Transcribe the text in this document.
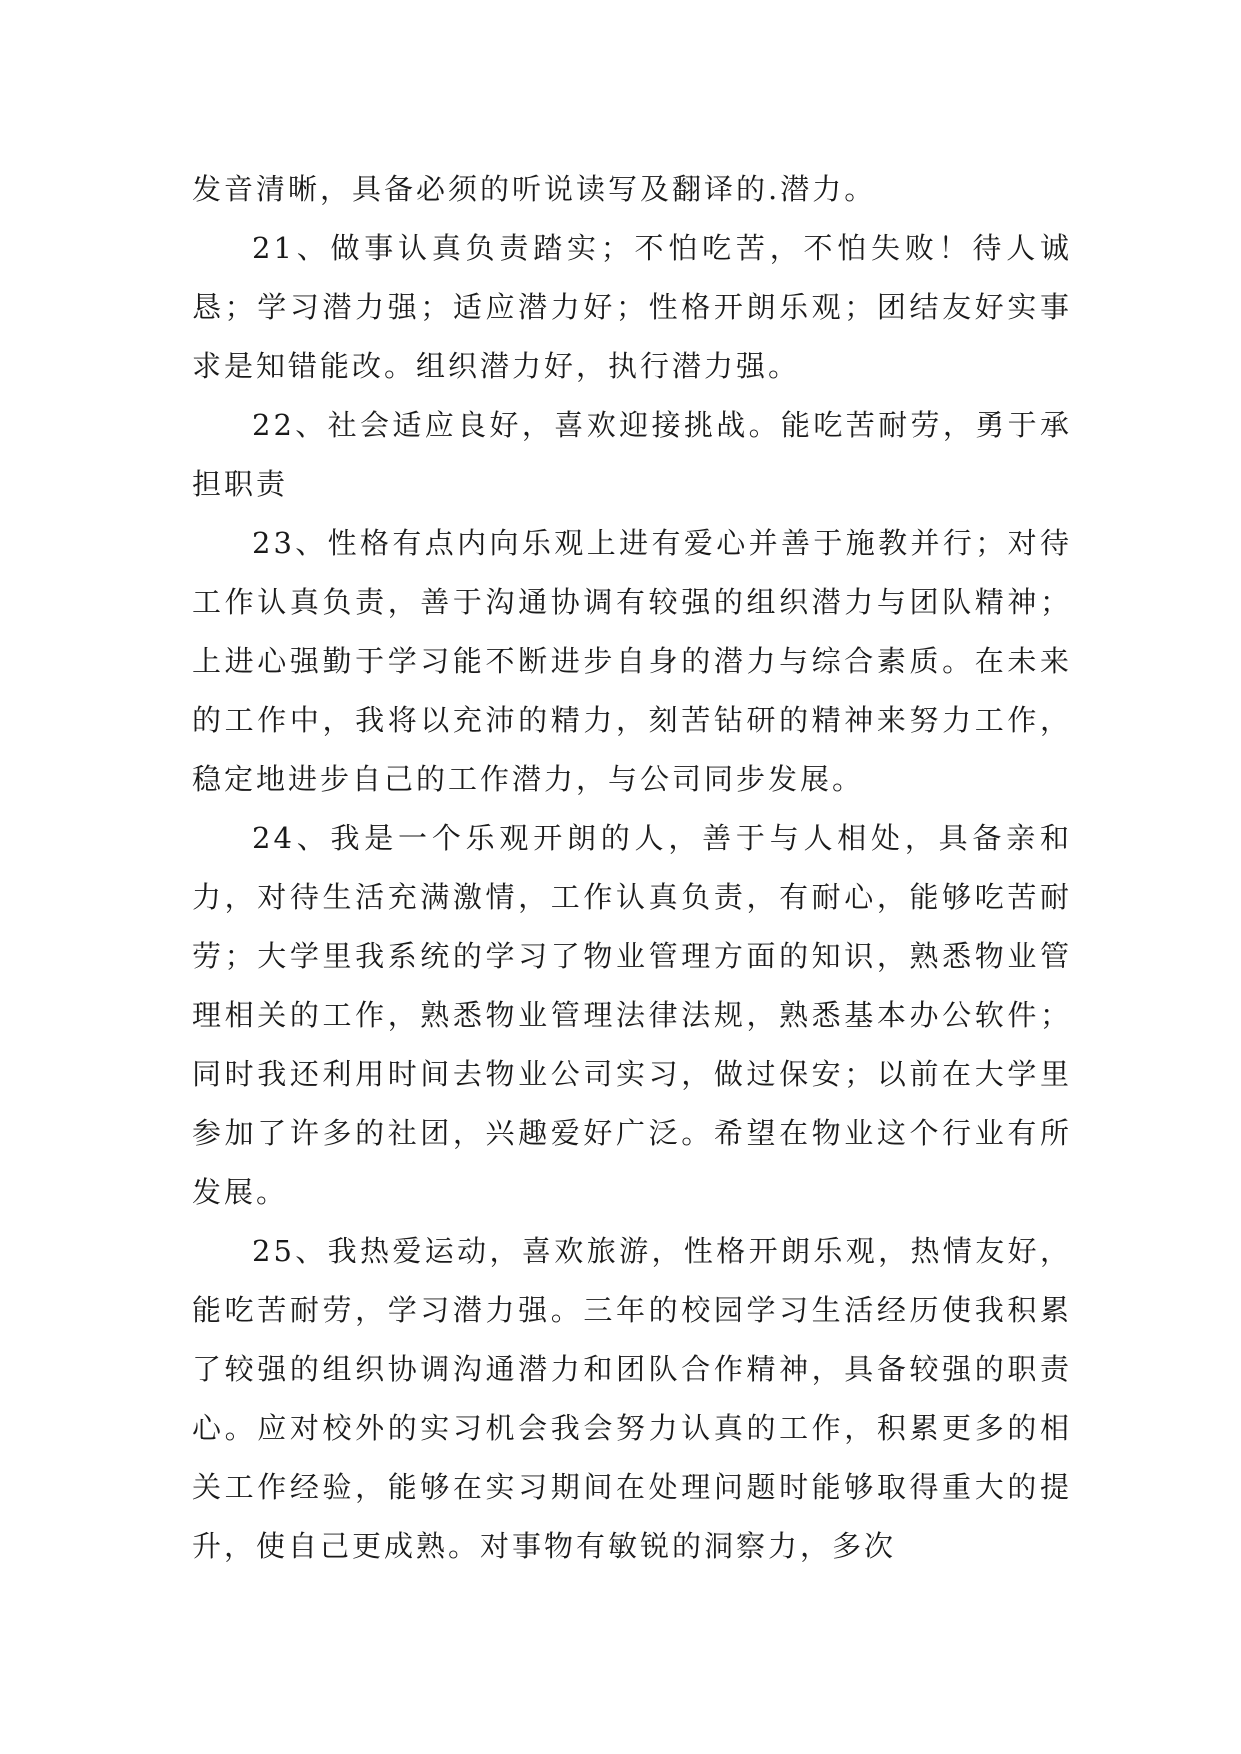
发音清晰，具备必须的听说读写及翻译的.潜力。

21、做事认真负责踏实；不怕吃苦，不怕失败！待人诚恳；学习潜力强；适应潜力好；性格开朗乐观；团结友好实事求是知错能改。组织潜力好，执行潜力强。

22、社会适应良好，喜欢迎接挑战。能吃苦耐劳，勇于承担职责

23、性格有点内向乐观上进有爱心并善于施教并行；对待工作认真负责，善于沟通协调有较强的组织潜力与团队精神；上进心强勤于学习能不断进步自身的潜力与综合素质。在未来的工作中，我将以充沛的精力，刻苦钻研的精神来努力工作，稳定地进步自己的工作潜力，与公司同步发展。

24、我是一个乐观开朗的人，善于与人相处，具备亲和力，对待生活充满激情，工作认真负责，有耐心，能够吃苦耐劳；大学里我系统的学习了物业管理方面的知识，熟悉物业管理相关的工作，熟悉物业管理法律法规，熟悉基本办公软件；同时我还利用时间去物业公司实习，做过保安；以前在大学里参加了许多的社团，兴趣爱好广泛。希望在物业这个行业有所发展。

25、我热爱运动，喜欢旅游，性格开朗乐观，热情友好，能吃苦耐劳，学习潜力强。三年的校园学习生活经历使我积累了较强的组织协调沟通潜力和团队合作精神，具备较强的职责心。应对校外的实习机会我会努力认真的工作，积累更多的相关工作经验，能够在实习期间在处理问题时能够取得重大的提升，使自己更成熟。对事物有敏锐的洞察力，多次
